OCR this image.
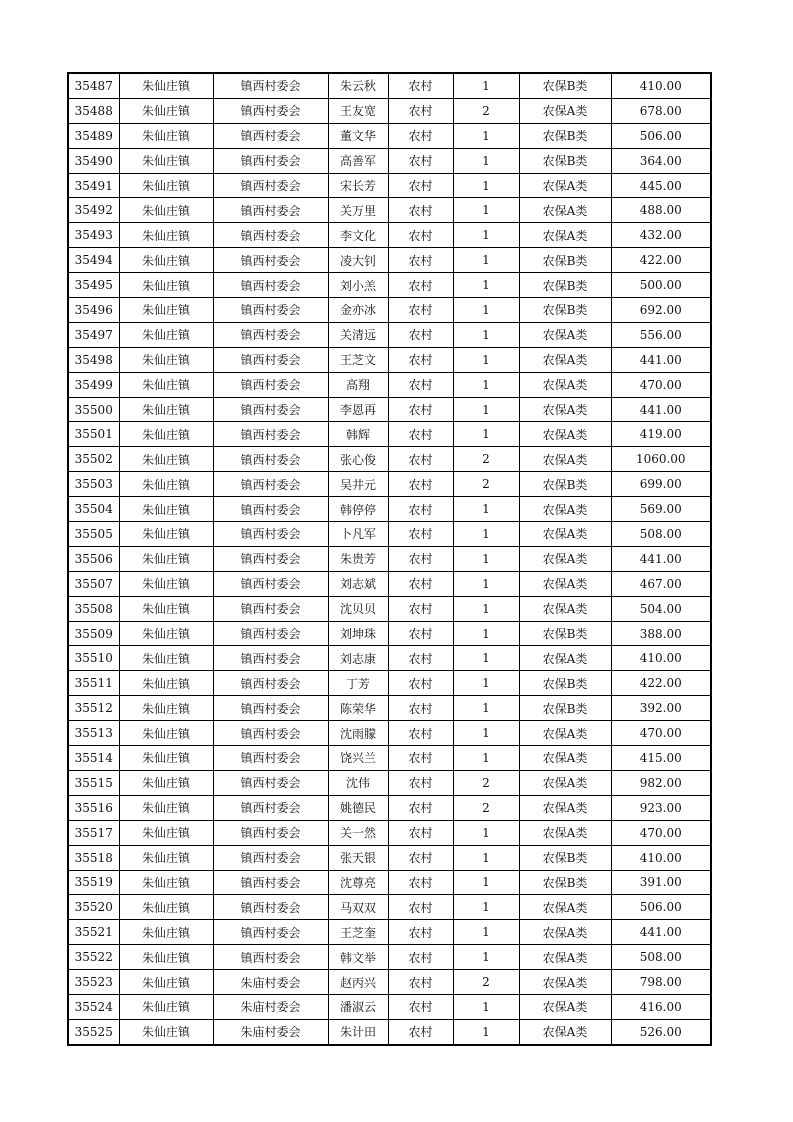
35487	朱仙庄镇	镇西村委会	朱云秋	农村	1	农保B类	410.00
35488	朱仙庄镇	镇西村委会	王友宽	农村	2	农保A类	678.00
35489	朱仙庄镇	镇西村委会	董文华	农村	1	农保B类	506.00
35490	朱仙庄镇	镇西村委会	高善军	农村	1	农保B类	364.00
35491	朱仙庄镇	镇西村委会	宋长芳	农村	1	农保A类	445.00
35492	朱仙庄镇	镇西村委会	关万里	农村	1	农保A类	488.00
35493	朱仙庄镇	镇西村委会	李文化	农村	1	农保A类	432.00
35494	朱仙庄镇	镇西村委会	凌大钊	农村	1	农保B类	422.00
35495	朱仙庄镇	镇西村委会	刘小羔	农村	1	农保B类	500.00
35496	朱仙庄镇	镇西村委会	金亦冰	农村	1	农保B类	692.00
35497	朱仙庄镇	镇西村委会	关清远	农村	1	农保A类	556.00
35498	朱仙庄镇	镇西村委会	王芝文	农村	1	农保A类	441.00
35499	朱仙庄镇	镇西村委会	高翔	农村	1	农保A类	470.00
35500	朱仙庄镇	镇西村委会	李恩再	农村	1	农保A类	441.00
35501	朱仙庄镇	镇西村委会	韩辉	农村	1	农保A类	419.00
35502	朱仙庄镇	镇西村委会	张心俊	农村	2	农保A类	1060.00
35503	朱仙庄镇	镇西村委会	吴井元	农村	2	农保B类	699.00
35504	朱仙庄镇	镇西村委会	韩停停	农村	1	农保A类	569.00
35505	朱仙庄镇	镇西村委会	卜凡军	农村	1	农保A类	508.00
35506	朱仙庄镇	镇西村委会	朱贵芳	农村	1	农保A类	441.00
35507	朱仙庄镇	镇西村委会	刘志斌	农村	1	农保A类	467.00
35508	朱仙庄镇	镇西村委会	沈贝贝	农村	1	农保A类	504.00
35509	朱仙庄镇	镇西村委会	刘坤珠	农村	1	农保B类	388.00
35510	朱仙庄镇	镇西村委会	刘志康	农村	1	农保A类	410.00
35511	朱仙庄镇	镇西村委会	丁芳	农村	1	农保B类	422.00
35512	朱仙庄镇	镇西村委会	陈荣华	农村	1	农保B类	392.00
35513	朱仙庄镇	镇西村委会	沈雨朦	农村	1	农保A类	470.00
35514	朱仙庄镇	镇西村委会	饶兴兰	农村	1	农保A类	415.00
35515	朱仙庄镇	镇西村委会	沈伟	农村	2	农保A类	982.00
35516	朱仙庄镇	镇西村委会	姚德民	农村	2	农保A类	923.00
35517	朱仙庄镇	镇西村委会	关一然	农村	1	农保A类	470.00
35518	朱仙庄镇	镇西村委会	张天银	农村	1	农保B类	410.00
35519	朱仙庄镇	镇西村委会	沈尊亮	农村	1	农保B类	391.00
35520	朱仙庄镇	镇西村委会	马双双	农村	1	农保A类	506.00
35521	朱仙庄镇	镇西村委会	王芝奎	农村	1	农保A类	441.00
35522	朱仙庄镇	镇西村委会	韩文举	农村	1	农保A类	508.00
35523	朱仙庄镇	朱庙村委会	赵丙兴	农村	2	农保A类	798.00
35524	朱仙庄镇	朱庙村委会	潘淑云	农村	1	农保A类	416.00
35525	朱仙庄镇	朱庙村委会	朱计田	农村	1	农保A类	526.00
